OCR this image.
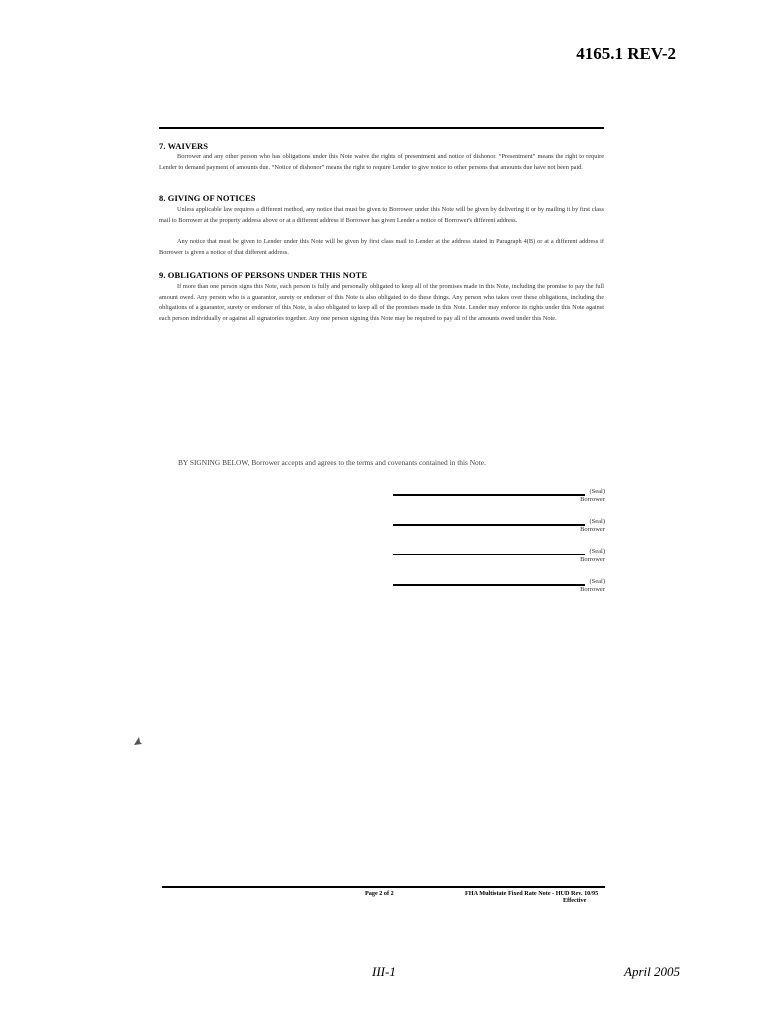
4165.1 REV-2
7. WAIVERS

Borrower and any other person who has obligations under this Note waive the rights of presentment and notice of dishonor. “Presentment” means the right to require Lender to demand payment of amounts due. “Notice of dishonor” means the right to require Lender to give notice to other persons that amounts due have not been paid.

8. GIVING OF NOTICES

Unless applicable law requires a different method, any notice that must be given to Borrower under this Note will be given by delivering it or by mailing it by first class mail to Borrower at the property address above or at a different address if Borrower has given Lender a notice of Borrower's different address.

Any notice that must be given to Lender under this Note will be given by first class mail to Lender at the address stated in Paragraph 4(B) or at a different address if Borrower is given a notice of that different address.

9. OBLIGATIONS OF PERSONS UNDER THIS NOTE

If more than one person signs this Note, each person is fully and personally obligated to keep all of the promises made in this Note, including the promise to pay the full amount owed. Any person who is a guarantor, surety or endorser of this Note is also obligated to do these things. Any person who takes over these obligations, including the obligations of a guarantor, surety or endorser of this Note, is also obligated to keep all of the promises made in this Note. Lender may enforce its rights under this Note against each person individually or against all signatories together. Any one person signing this Note may be required to pay all of the amounts owed under this Note.

BY SIGNING BELOW, Borrower accepts and agrees to the terms and covenants contained in this Note.
(Seal)
Borrower
(Seal)
Borrower
(Seal)
Borrower
(Seal)
Borrower
Page 2 of 2	FHA Multistate Fixed Rate Note - HUD Rev. 10/95
Effective
III-1	April 2005
